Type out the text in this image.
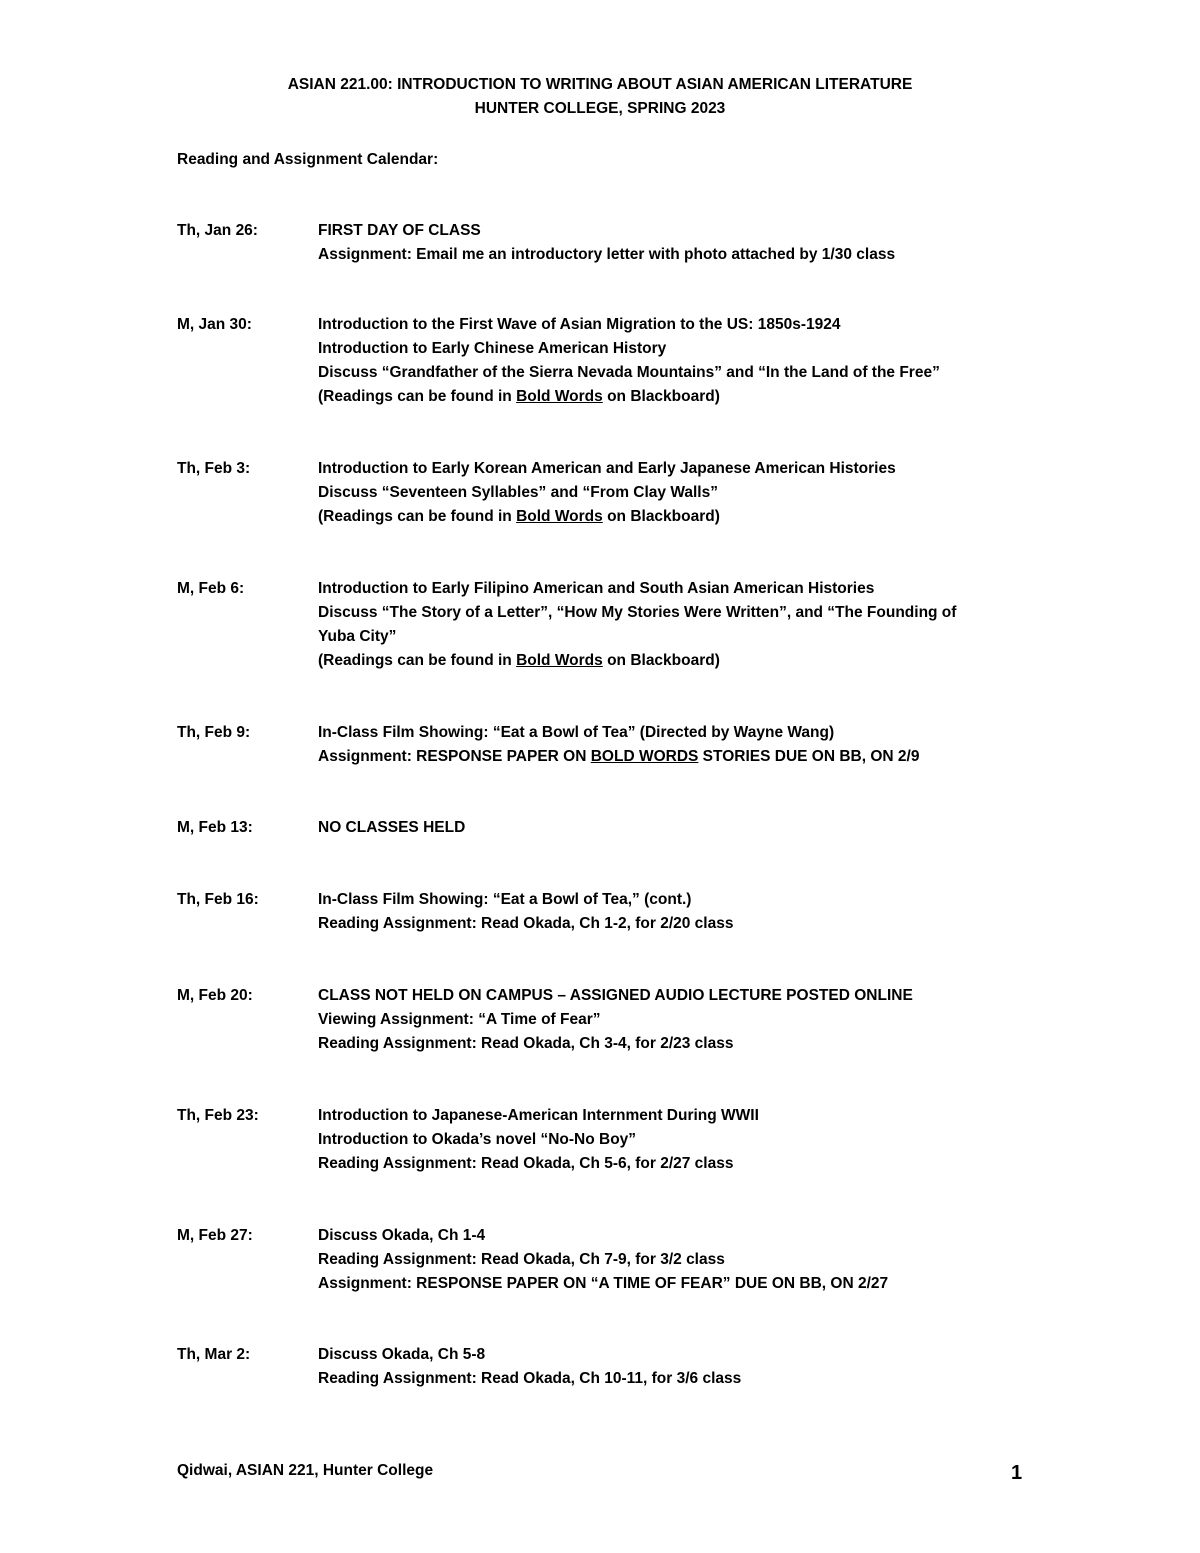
ASIAN 221.00: INTRODUCTION TO WRITING ABOUT ASIAN AMERICAN LITERATURE
HUNTER COLLEGE, SPRING 2023
Reading and Assignment Calendar:
Th, Jan 26:	FIRST DAY OF CLASS
Assignment: Email me an introductory letter with photo attached by 1/30 class
M, Jan 30:	Introduction to the First Wave of Asian Migration to the US: 1850s-1924
Introduction to Early Chinese American History
Discuss “Grandfather of the Sierra Nevada Mountains” and “In the Land of the Free”
(Readings can be found in Bold Words on Blackboard)
Th, Feb 3:	Introduction to Early Korean American and Early Japanese American Histories
Discuss “Seventeen Syllables” and “From Clay Walls”
(Readings can be found in Bold Words on Blackboard)
M, Feb 6:	Introduction to Early Filipino American and South Asian American Histories
Discuss “The Story of a Letter”, “How My Stories Were Written”, and “The Founding of
Yuba City”
(Readings can be found in Bold Words on Blackboard)
Th, Feb 9:	In-Class Film Showing: “Eat a Bowl of Tea” (Directed by Wayne Wang)
Assignment: RESPONSE PAPER ON BOLD WORDS STORIES DUE ON BB, ON 2/9
M, Feb 13:	NO CLASSES HELD
Th, Feb 16:	In-Class Film Showing: “Eat a Bowl of Tea,” (cont.)
Reading Assignment: Read Okada, Ch 1-2, for 2/20 class
M, Feb 20:	CLASS NOT HELD ON CAMPUS – ASSIGNED AUDIO LECTURE POSTED ONLINE
Viewing Assignment: “A Time of Fear”
Reading Assignment: Read Okada, Ch 3-4, for 2/23 class
Th, Feb 23:	Introduction to Japanese-American Internment During WWII
Introduction to Okada’s novel “No-No Boy”
Reading Assignment: Read Okada, Ch 5-6, for 2/27 class
M, Feb 27:	Discuss Okada, Ch 1-4
Reading Assignment: Read Okada, Ch 7-9, for 3/2 class
Assignment: RESPONSE PAPER ON “A TIME OF FEAR” DUE ON BB, ON 2/27
Th, Mar 2:	Discuss Okada, Ch 5-8
Reading Assignment: Read Okada, Ch 10-11, for 3/6 class
Qidwai, ASIAN 221, Hunter College	1
